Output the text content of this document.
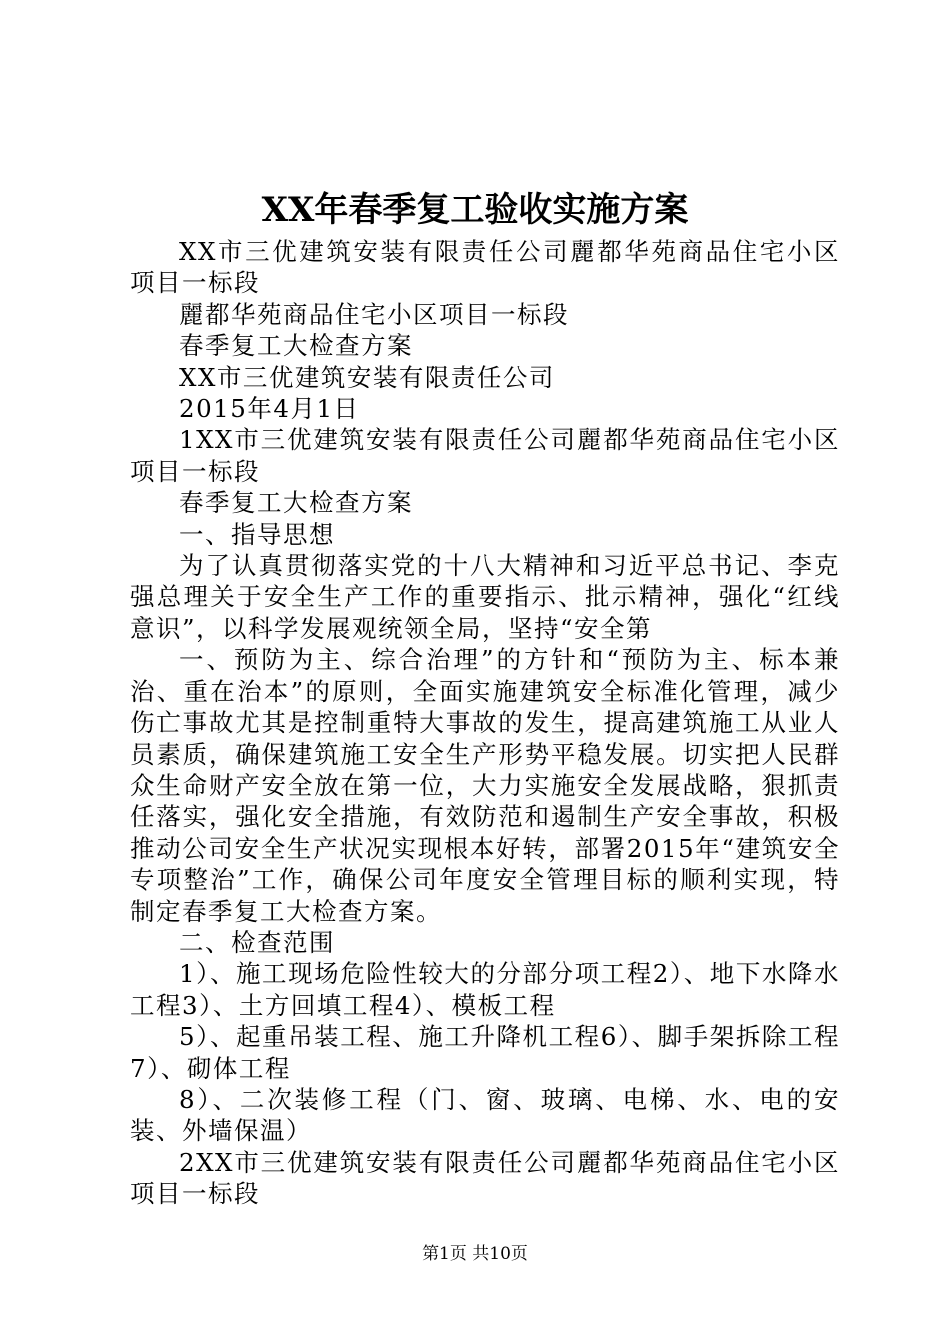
XX年春季复工验收实施方案

XX市三优建筑安装有限责任公司麗都华苑商品住宅小区项目一标段

麗都华苑商品住宅小区项目一标段

春季复工大检查方案

XX市三优建筑安装有限责任公司

2015年4月1日

1XX市三优建筑安装有限责任公司麗都华苑商品住宅小区项目一标段

春季复工大检查方案

一、指导思想

为了认真贯彻落实党的十八大精神和习近平总书记、李克强总理关于安全生产工作的重要指示、批示精神，强化“红线意识”，以科学发展观统领全局，坚持“安全第

一、预防为主、综合治理”的方针和“预防为主、标本兼治、重在治本”的原则，全面实施建筑安全标准化管理，减少伤亡事故尤其是控制重特大事故的发生，提高建筑施工从业人员素质，确保建筑施工安全生产形势平稳发展。切实把人民群众生命财产安全放在第一位，大力实施安全发展战略，狠抓责任落实，强化安全措施，有效防范和遏制生产安全事故，积极推动公司安全生产状况实现根本好转，部署2015年“建筑安全专项整治”工作，确保公司年度安全管理目标的顺利实现，特制定春季复工大检查方案。

二、检查范围

1）、施工现场危险性较大的分部分项工程2）、地下水降水工程3）、土方回填工程4）、模板工程

5）、起重吊装工程、施工升降机工程6）、脚手架拆除工程7）、砌体工程

8）、二次装修工程（门、窗、玻璃、电梯、水、电的安装、外墙保温）

2XX市三优建筑安装有限责任公司麗都华苑商品住宅小区项目一标段

第1页 共10页
